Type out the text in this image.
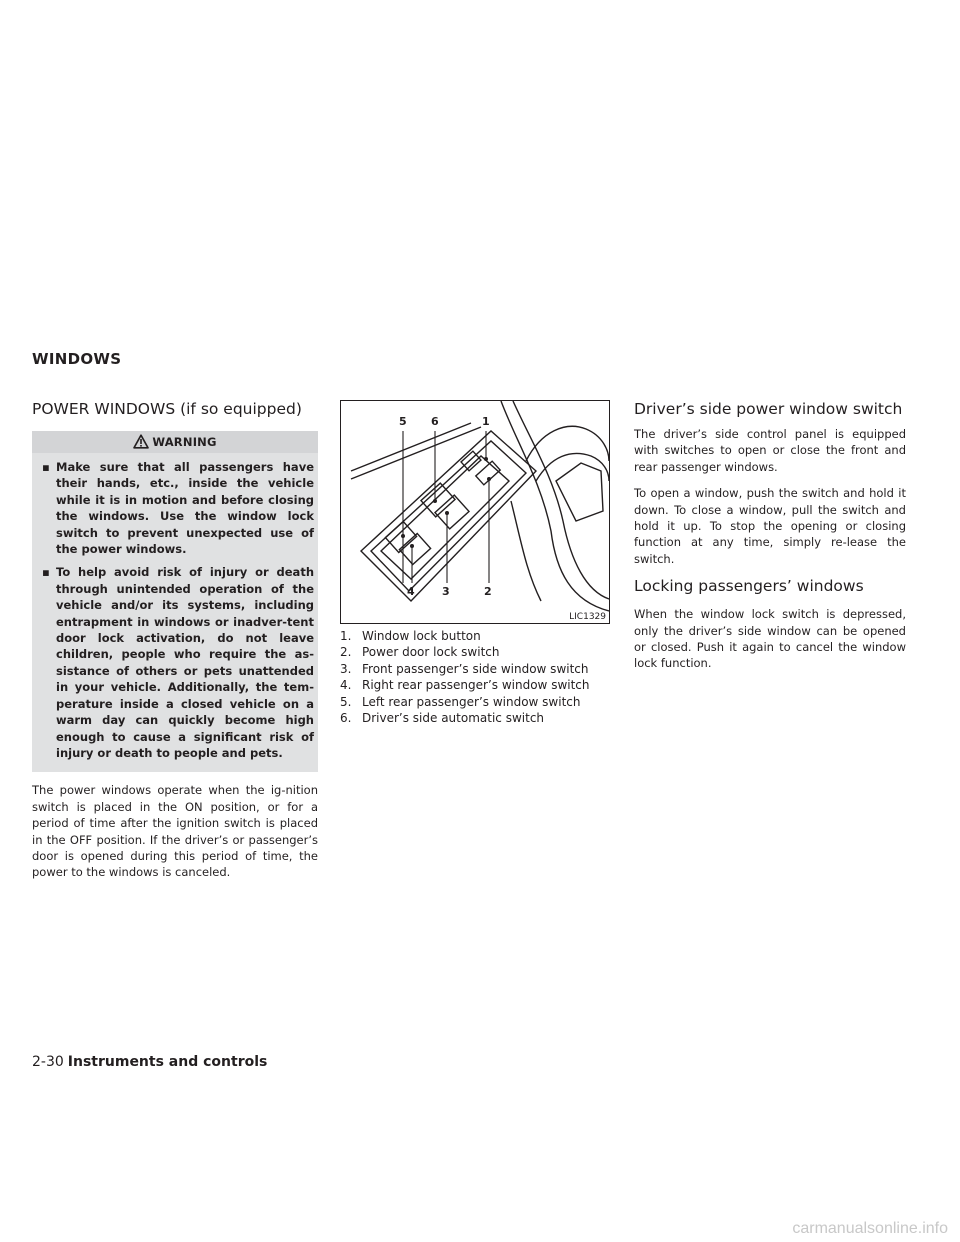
WINDOWS
POWER WINDOWS (if so equipped)
WARNING
▪ Make sure that all passengers have their hands, etc., inside the vehicle while it is in motion and before closing the windows. Use the window lock switch to prevent unexpected use of the power windows.
▪ To help avoid risk of injury or death through unintended operation of the vehicle and/or its systems, including entrapment in windows or inadver-tent door lock activation, do not leave children, people who require the as-sistance of others or pets unattended in your vehicle. Additionally, the tem-perature inside a closed vehicle on a warm day can quickly become high enough to cause a significant risk of injury or death to people and pets.

The power windows operate when the ig-nition switch is placed in the ON position, or for a period of time after the ignition switch is placed in the OFF position. If the driver’s or passenger’s door is opened during this period of time, the power to the windows is canceled.

5 6	1
4 3	2
LIC1329
1. Window lock button
2. Power door lock switch
3. Front passenger’s side window switch
4. Right rear passenger’s window switch
5. Left rear passenger’s window switch
6. Driver’s side automatic switch
Driver’s side power window switch

The driver’s side control panel is equipped with switches to open or close the front and rear passenger windows.

To open a window, push the switch and hold it down. To close a window, pull the switch and hold it up. To stop the opening or closing function at any time, simply re-lease the switch.

Locking passengers’ windows

When the window lock switch is depressed, only the driver’s side window can be opened or closed. Push it again to cancel the window lock function.

2-30 Instruments and controls
carmanualsonline.info
